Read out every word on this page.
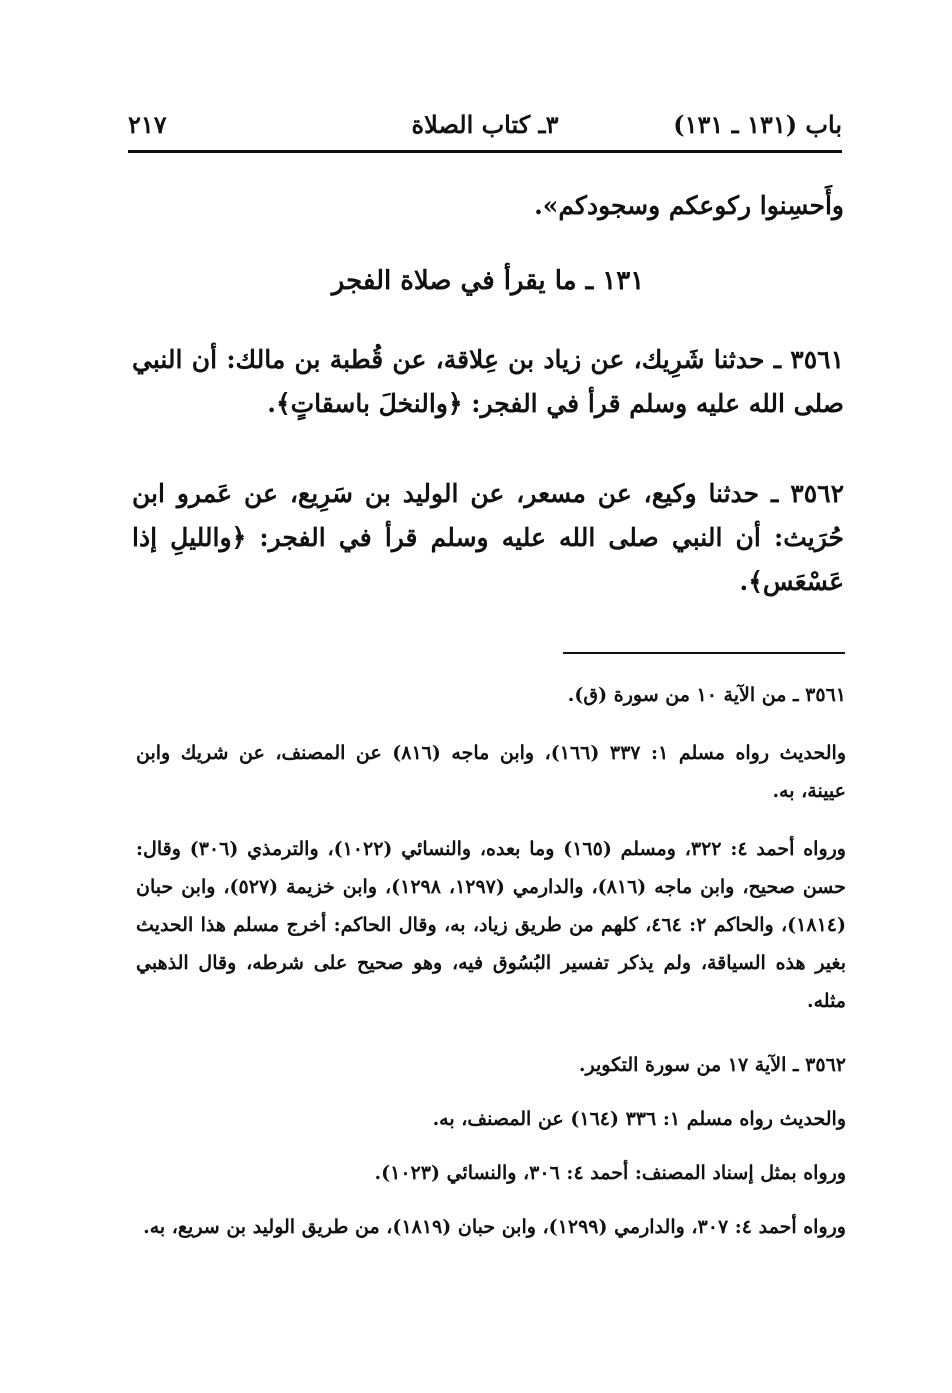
باب (١٣١ ـ ١٣١)
٣ـ كتاب الصلاة
٢١٧
وأَحسِنوا ركوعكم وسجودكم».
١٣١ ـ ما يقرأ في صلاة الفجر
٣٥٦١ ـ حدثنا شَرِيك، عن زياد بن عِلاقة، عن قُطبة بن مالك: أن النبي صلى الله عليه وسلم قرأ في الفجر: ﴿والنخلَ باسقاتٍ﴾.
٣٥٦٢ ـ حدثنا وكيع، عن مسعر، عن الوليد بن سَرِيع، عن عَمرو ابن حُرَيث: أن النبي صلى الله عليه وسلم قرأ في الفجر: ﴿والليلِ إذا عَسْعَس﴾.
٣٥٦١ ـ من الآية ١٠ من سورة (ق).
والحديث رواه مسلم ١: ٣٣٧ (١٦٦)، وابن ماجه (٨١٦) عن المصنف، عن شريك وابن عيينة، به.
ورواه أحمد ٤: ٣٢٢، ومسلم (١٦٥) وما بعده، والنسائي (١٠٢٢)، والترمذي (٣٠٦) وقال: حسن صحيح، وابن ماجه (٨١٦)، والدارمي (١٢٩٧، ١٢٩٨)، وابن خزيمة (٥٢٧)، وابن حبان (١٨١٤)، والحاكم ٢: ٤٦٤، كلهم من طريق زياد، به، وقال الحاكم: أخرج مسلم هذا الحديث بغير هذه السياقة، ولم يذكر تفسير البُسُوق فيه، وهو صحيح على شرطه، وقال الذهبي مثله.
٣٥٦٢ ـ الآية ١٧ من سورة التكوير.
والحديث رواه مسلم ١: ٣٣٦ (١٦٤) عن المصنف، به.
ورواه بمثل إسناد المصنف: أحمد ٤: ٣٠٦، والنسائي (١٠٢٣).
ورواه أحمد ٤: ٣٠٧، والدارمي (١٢٩٩)، وابن حبان (١٨١٩)، من طريق الوليد بن سريع، به.
